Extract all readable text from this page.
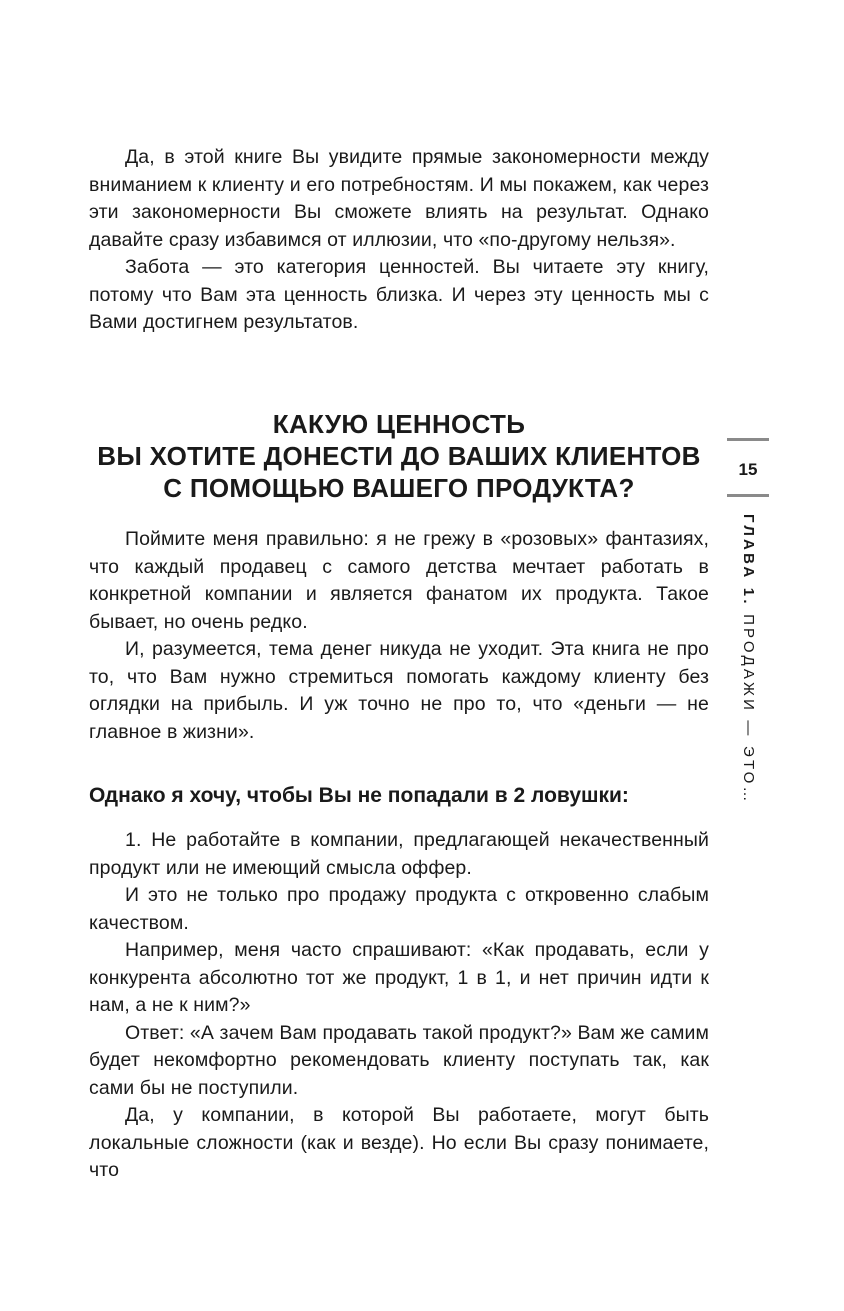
Да, в этой книге Вы увидите прямые закономерности между вниманием к клиенту и его потребностям. И мы покажем, как через эти закономерности Вы сможете влиять на результат. Однако давайте сразу избавимся от иллюзии, что «по-другому нельзя».

Забота — это категория ценностей. Вы читаете эту книгу, потому что Вам эта ценность близка. И через эту ценность мы с Вами достигнем результатов.

КАКУЮ ЦЕННОСТЬ
ВЫ ХОТИТЕ ДОНЕСТИ ДО ВАШИХ КЛИЕНТОВ
С ПОМОЩЬЮ ВАШЕГО ПРОДУКТА?

Поймите меня правильно: я не грежу в «розовых» фантазиях, что каждый продавец с самого детства мечтает работать в конкретной компании и является фанатом их продукта. Такое бывает, но очень редко.

И, разумеется, тема денег никуда не уходит. Эта книга не про то, что Вам нужно стремиться помогать каждому клиенту без оглядки на прибыль. И уж точно не про то, что «деньги — не главное в жизни».

Однако я хочу, чтобы Вы не попадали в 2 ловушки:

1. Не работайте в компании, предлагающей некачественный продукт или не имеющий смысла оффер.

И это не только про продажу продукта с откровенно слабым качеством.

Например, меня часто спрашивают: «Как продавать, если у конкурента абсолютно тот же продукт, 1 в 1, и нет причин идти к нам, а не к ним?»

Ответ: «А зачем Вам продавать такой продукт?» Вам же самим будет некомфортно рекомендовать клиенту поступать так, как сами бы не поступили.

Да, у компании, в которой Вы работаете, могут быть локальные сложности (как и везде). Но если Вы сразу понимаете, что

15
ГЛАВА 1. ПРОДАЖИ — ЭТО…
